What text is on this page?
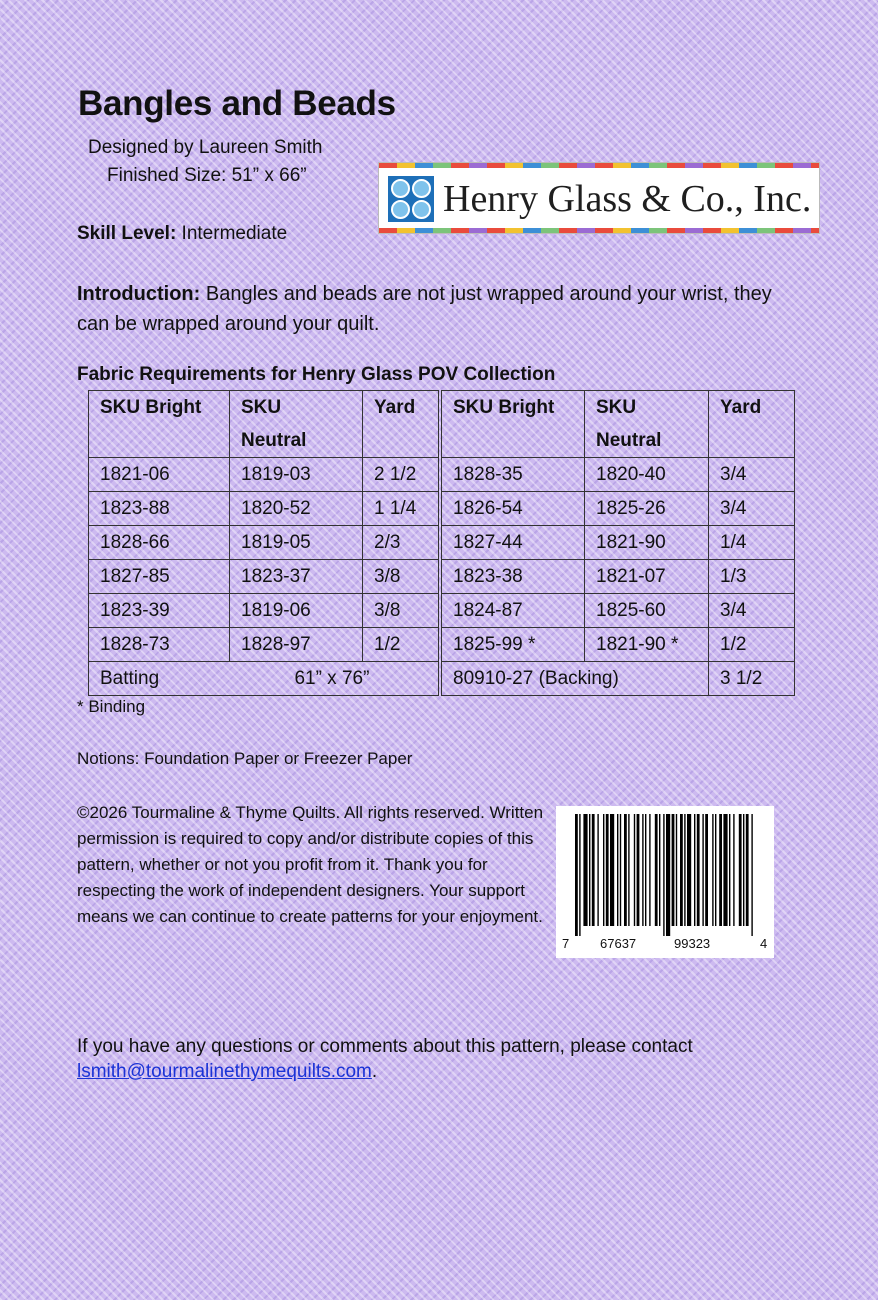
Bangles and Beads
Designed by Laureen Smith
Finished Size: 51” x 66”
Henry Glass & Co., Inc.
Skill Level: Intermediate
Introduction: Bangles and beads are not just wrapped around your wrist, they can be wrapped around your quilt.
Fabric Requirements for Henry Glass POV Collection
SKU Bright	SKU Neutral	Yard		SKU Bright	SKU Neutral	Yard
1821-06	1819-03	2 1/2		1828-35	1820-40	3/4
1823-88	1820-52	1 1/4		1826-54	1825-26	3/4
1828-66	1819-05	2/3		1827-44	1821-90	1/4
1827-85	1823-37	3/8		1823-38	1821-07	1/3
1823-39	1819-06	3/8		1824-87	1825-60	3/4
1828-73	1828-97	1/2		1825-99 *	1821-90 *	1/2
Batting 61” x 76”				80910-27 (Backing)		3 1/2
* Binding
Notions: Foundation Paper or Freezer Paper
©2026 Tourmaline & Thyme Quilts. All rights reserved. Written permission is required to copy and/or distribute copies of this pattern, whether or not you profit from it. Thank you for respecting the work of independent designers. Your support means we can continue to create patterns for your enjoyment.
7 67637	99323	4
If you have any questions or comments about this pattern, please contact
lsmith@tourmalinethymequilts.com.
